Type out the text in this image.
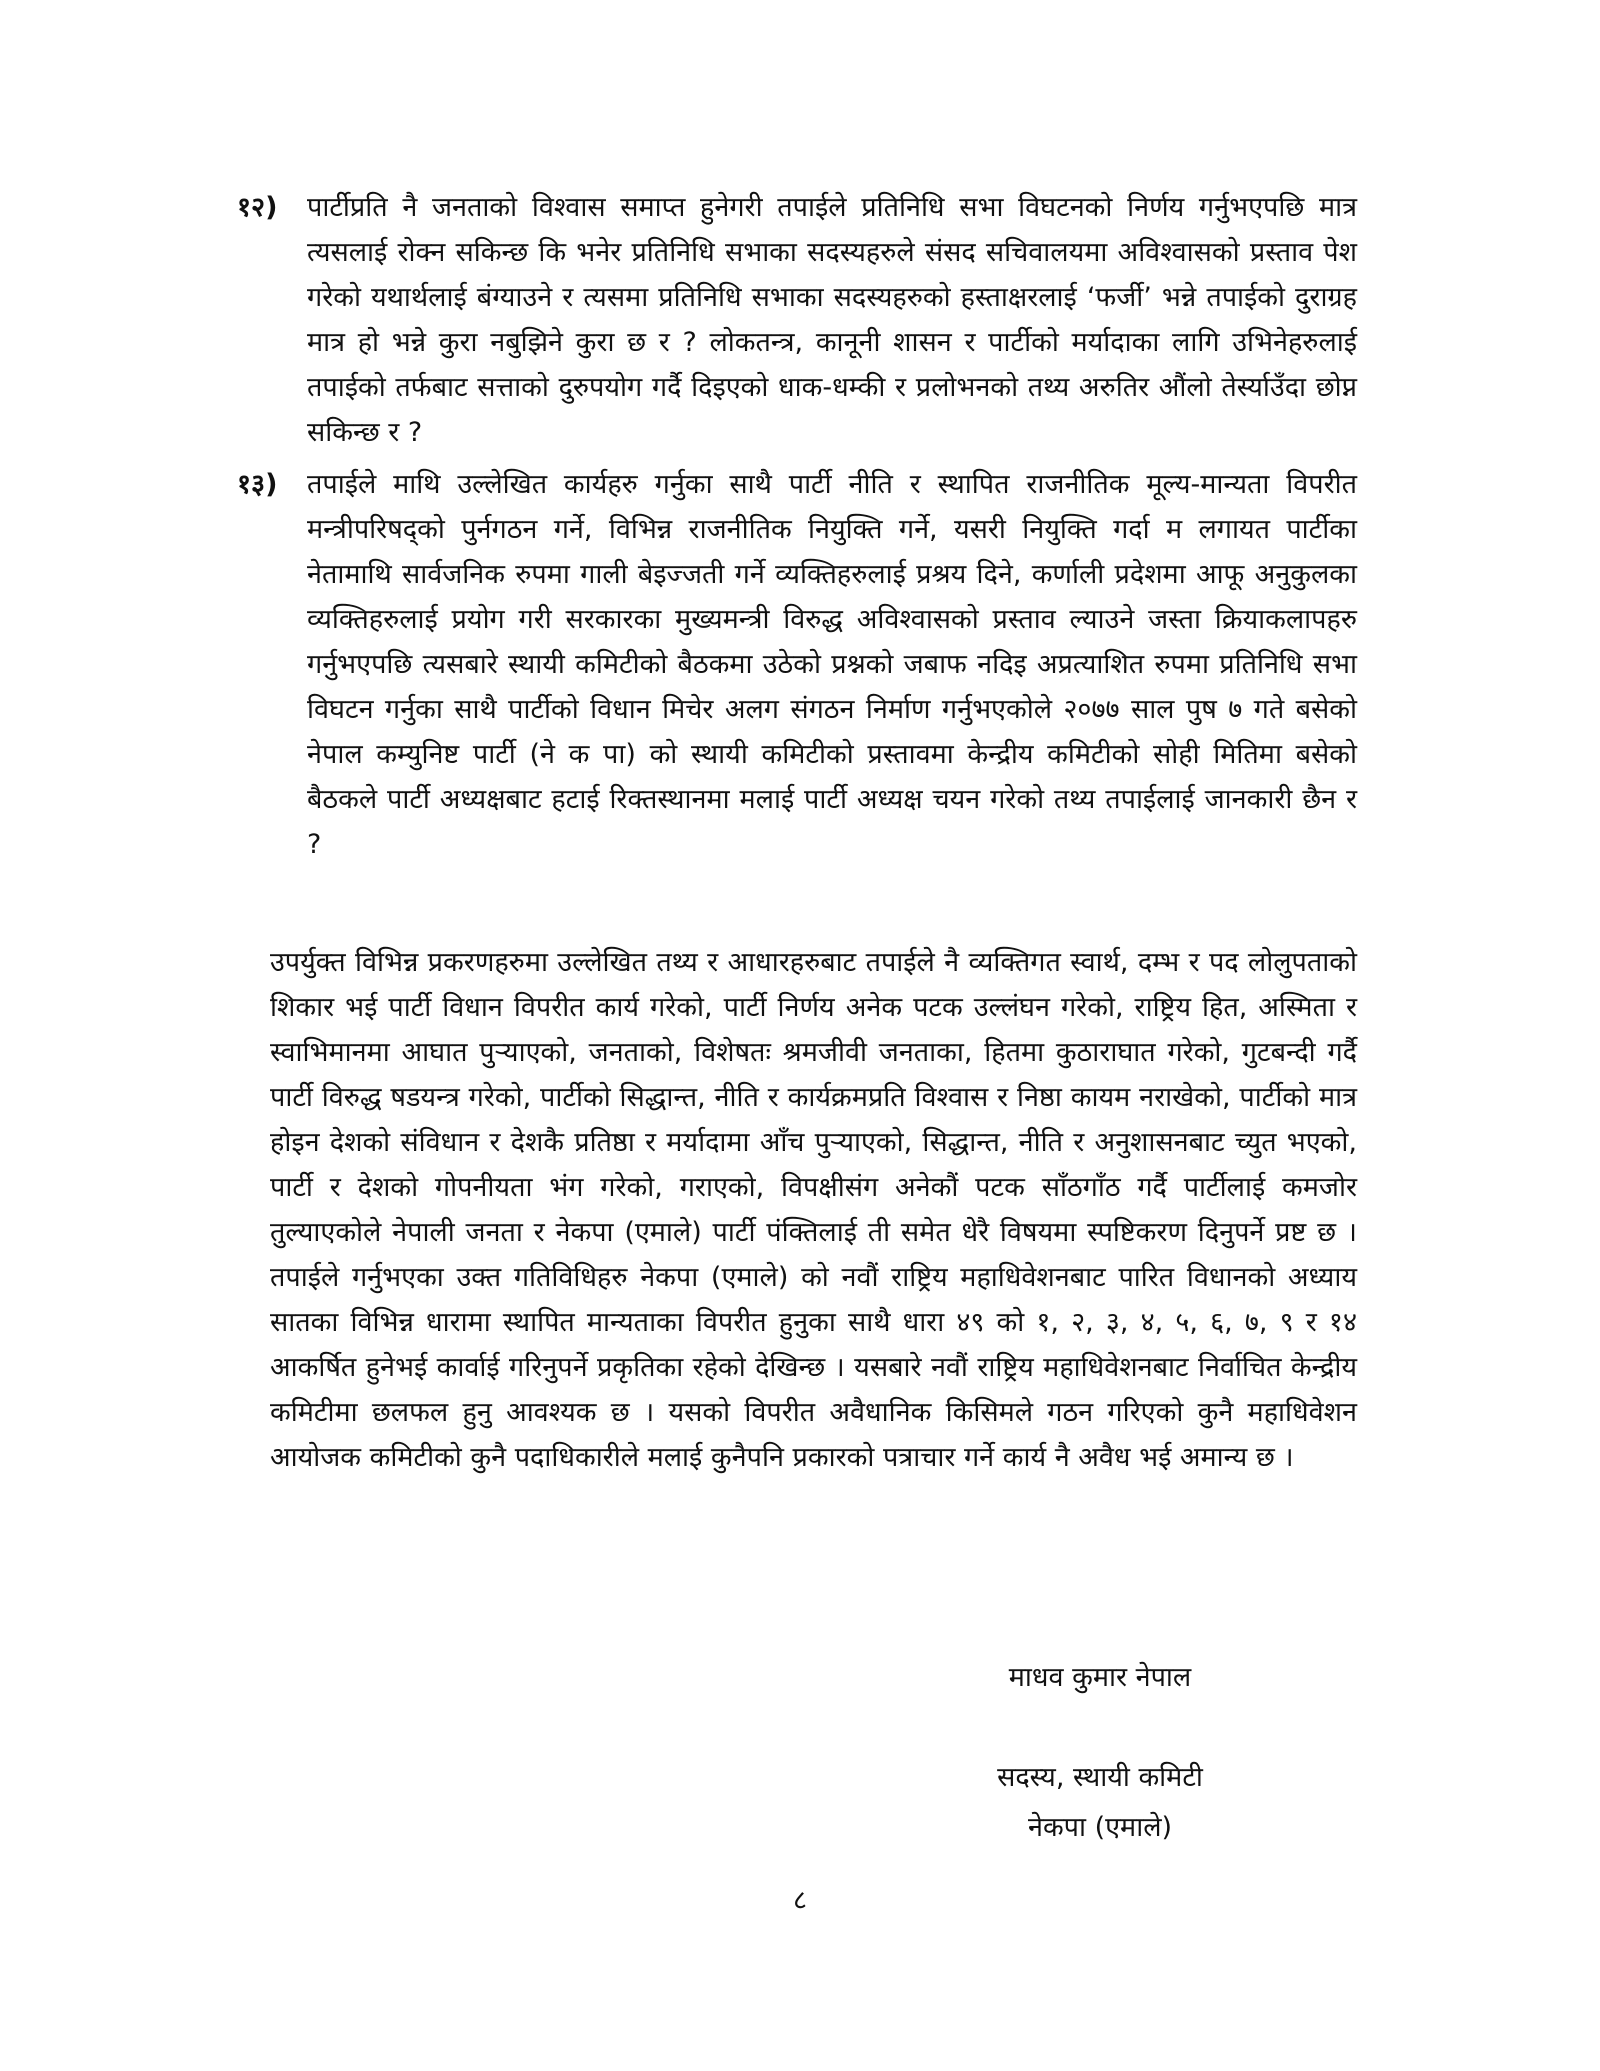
१२) पार्टीप्रति नै जनताको विश्वास समाप्त हुनेगरी तपाईले प्रतिनिधि सभा विघटनको निर्णय गर्नुभएपछि मात्र त्यसलाई रोक्न सकिन्छ कि भनेर प्रतिनिधि सभाका सदस्यहरुले संसद सचिवालयमा अविश्वासको प्रस्ताव पेश गरेको यथार्थलाई बंग्याउने र त्यसमा प्रतिनिधि सभाका सदस्यहरुको हस्ताक्षरलाई ‘फर्जी’ भन्ने तपाईको दुराग्रह मात्र हो भन्ने कुरा नबुझिने कुरा छ र ? लोकतन्त्र, कानूनी शासन र पार्टीको मर्यादाका लागि उभिनेहरुलाई तपाईको तर्फबाट सत्ताको दुरुपयोग गर्दै दिइएको धाक-धम्की र प्रलोभनको तथ्य अरुतिर औंलो तेर्स्याउँदा छोप्न सकिन्छ र ?
१३) तपाईले माथि उल्लेखित कार्यहरु गर्नुका साथै पार्टी नीति र स्थापित राजनीतिक मूल्य-मान्यता विपरीत मन्त्रीपरिषद्को पुर्नगठन गर्ने, विभिन्न राजनीतिक नियुक्ति गर्ने, यसरी नियुक्ति गर्दा म लगायत पार्टीका नेतामाथि सार्वजनिक रुपमा गाली बेइज्जती गर्ने व्यक्तिहरुलाई प्रश्रय दिने, कर्णाली प्रदेशमा आफू अनुकुलका व्यक्तिहरुलाई प्रयोग गरी सरकारका मुख्यमन्त्री विरुद्ध अविश्वासको प्रस्ताव ल्याउने जस्ता क्रियाकलापहरु गर्नुभएपछि त्यसबारे स्थायी कमिटीको बैठकमा उठेको प्रश्नको जबाफ नदिइ अप्रत्याशित रुपमा प्रतिनिधि सभा विघटन गर्नुका साथै पार्टीको विधान मिचेर अलग संगठन निर्माण गर्नुभएकोले २०७७ साल पुष ७ गते बसेको नेपाल कम्युनिष्ट पार्टी (ने क पा) को स्थायी कमिटीको प्रस्तावमा केन्द्रीय कमिटीको सोही मितिमा बसेको बैठकले पार्टी अध्यक्षबाट हटाई रिक्तस्थानमा मलाई पार्टी अध्यक्ष चयन गरेको तथ्य तपाईलाई जानकारी छैन र ?
उपर्युक्त विभिन्न प्रकरणहरुमा उल्लेखित तथ्य र आधारहरुबाट तपाईले नै व्यक्तिगत स्वार्थ, दम्भ र पद लोलुपताको शिकार भई पार्टी विधान विपरीत कार्य गरेको, पार्टी निर्णय अनेक पटक उल्लंघन गरेको, राष्ट्रिय हित, अस्मिता र स्वाभिमानमा आघात पुऱ्याएको, जनताको, विशेषतः श्रमजीवी जनताका, हितमा कुठाराघात गरेको, गुटबन्दी गर्दै पार्टी विरुद्ध षडयन्त्र गरेको, पार्टीको सिद्धान्त, नीति र कार्यक्रमप्रति विश्वास र निष्ठा कायम नराखेको, पार्टीको मात्र होइन देशको संविधान र देशकै प्रतिष्ठा र मर्यादामा आँच पुऱ्याएको, सिद्धान्त, नीति र अनुशासनबाट च्युत भएको, पार्टी र देशको गोपनीयता भंग गरेको, गराएको, विपक्षीसंग अनेकौं पटक साँठगाँठ गर्दै पार्टीलाई कमजोर तुल्याएकोले नेपाली जनता र नेकपा (एमाले) पार्टी पंक्तिलाई ती समेत धेरै विषयमा स्पष्टिकरण दिनुपर्ने प्रष्ट छ । तपाईले गर्नुभएका उक्त गतिविधिहरु नेकपा (एमाले) को नवौं राष्ट्रिय महाधिवेशनबाट पारित विधानको अध्याय सातका विभिन्न धारामा स्थापित मान्यताका विपरीत हुनुका साथै धारा ४९ को १, २, ३, ४, ५, ६, ७, ९ र १४ आकर्षित हुनेभई कार्वाई गरिनुपर्ने प्रकृतिका रहेको देखिन्छ । यसबारे नवौं राष्ट्रिय महाधिवेशनबाट निर्वाचित केन्द्रीय कमिटीमा छलफल हुनु आवश्यक छ । यसको विपरीत अवैधानिक किसिमले गठन गरिएको कुनै महाधिवेशन आयोजक कमिटीको कुनै पदाधिकारीले मलाई कुनैपनि प्रकारको पत्राचार गर्ने कार्य नै अवैध भई अमान्य छ ।
माधव कुमार नेपाल
सदस्य, स्थायी कमिटी
नेकपा (एमाले)
८
